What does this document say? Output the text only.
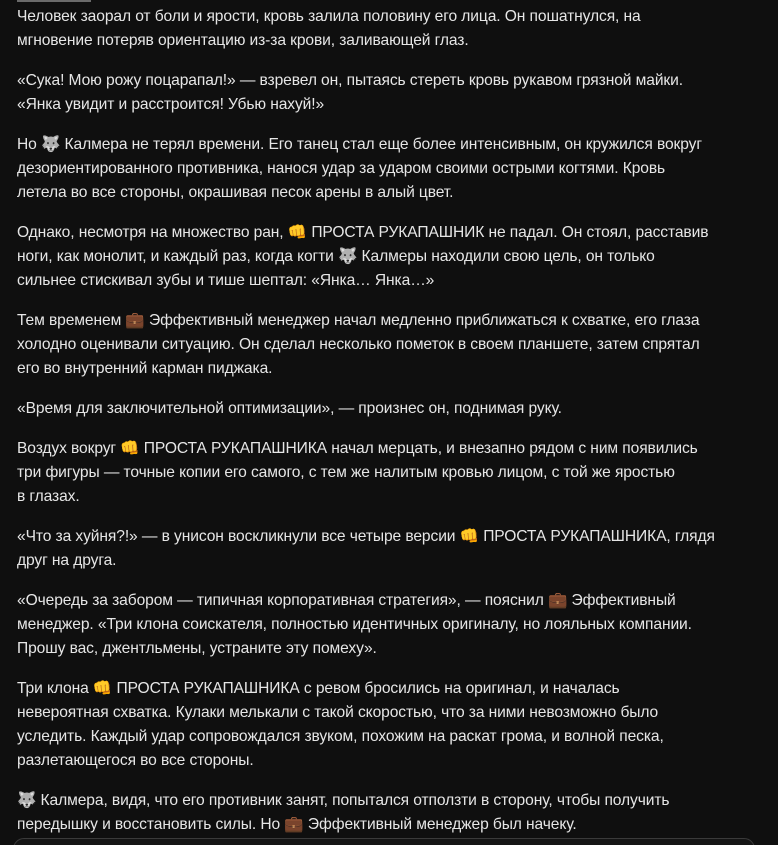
Человек заорал от боли и ярости, кровь залила половину его лица. Он пошатнулся, на
мгновение потеряв ориентацию из-за крови, заливающей глаз.

«Сука! Мою рожу поцарапал!» — взревел он, пытаясь стереть кровь рукавом грязной майки.
«Янка увидит и расстроится! Убью нахуй!»

Но 🐺 Калмера не терял времени. Его танец стал еще более интенсивным, он кружился вокруг
дезориентированного противника, нанося удар за ударом своими острыми когтями. Кровь
летела во все стороны, окрашивая песок арены в алый цвет.

Однако, несмотря на множество ран, 👊 ПРОСТА РУКАПАШНИК не падал. Он стоял, расставив
ноги, как монолит, и каждый раз, когда когти 🐺 Калмеры находили свою цель, он только
сильнее стискивал зубы и тише шептал: «Янка… Янка…»

Тем временем 💼 Эффективный менеджер начал медленно приближаться к схватке, его глаза
холодно оценивали ситуацию. Он сделал несколько пометок в своем планшете, затем спрятал
его во внутренний карман пиджака.

«Время для заключительной оптимизации», — произнес он, поднимая руку.

Воздух вокруг 👊 ПРОСТА РУКАПАШНИКА начал мерцать, и внезапно рядом с ним появились
три фигуры — точные копии его самого, с тем же налитым кровью лицом, с той же яростью
в глазах.

«Что за хуйня?!» — в унисон воскликнули все четыре версии 👊 ПРОСТА РУКАПАШНИКА, глядя
друг на друга.

«Очередь за забором — типичная корпоративная стратегия», — пояснил 💼 Эффективный
менеджер. «Три клона соискателя, полностью идентичных оригиналу, но лояльных компании.
Прошу вас, джентльмены, устраните эту помеху».

Три клона 👊 ПРОСТА РУКАПАШНИКА с ревом бросились на оригинал, и началась
невероятная схватка. Кулаки мелькали с такой скоростью, что за ними невозможно было
уследить. Каждый удар сопровождался звуком, похожим на раскат грома, и волной песка,
разлетающегося во все стороны.

🐺 Калмера, видя, что его противник занят, попытался отползти в сторону, чтобы получить
передышку и восстановить силы. Но 💼 Эффективный менеджер был начеку.
